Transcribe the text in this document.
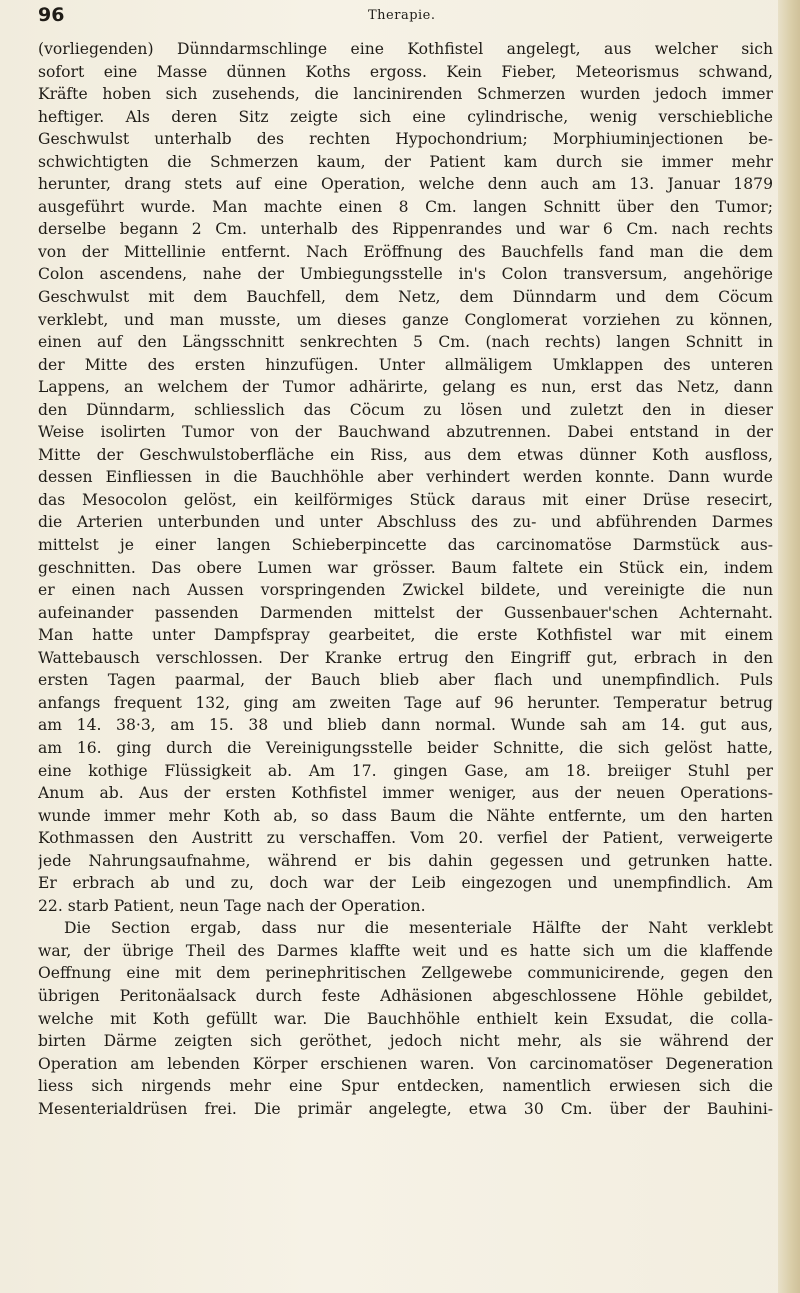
96	Therapie.
(vorliegenden) Dünndarmschlinge eine Kothfistel angelegt, aus welcher sich
sofort eine Masse dünnen Koths ergoss. Kein Fieber, Meteorismus schwand,
Kräfte hoben sich zusehends, die lancinirenden Schmerzen wurden jedoch immer
heftiger. Als deren Sitz zeigte sich eine cylindrische, wenig verschiebliche
Geschwulst unterhalb des rechten Hypochondrium; Morphiuminjectionen be-
schwichtigten die Schmerzen kaum, der Patient kam durch sie immer mehr
herunter, drang stets auf eine Operation, welche denn auch am 13. Januar 1879
ausgeführt wurde. Man machte einen 8 Cm. langen Schnitt über den Tumor;
derselbe begann 2 Cm. unterhalb des Rippenrandes und war 6 Cm. nach rechts
von der Mittellinie entfernt. Nach Eröffnung des Bauchfells fand man die dem
Colon ascendens, nahe der Umbiegungsstelle in's Colon transversum, angehörige
Geschwulst mit dem Bauchfell, dem Netz, dem Dünndarm und dem Cöcum
verklebt, und man musste, um dieses ganze Conglomerat vorziehen zu können,
einen auf den Längsschnitt senkrechten 5 Cm. (nach rechts) langen Schnitt in
der Mitte des ersten hinzufügen. Unter allmäligem Umklappen des unteren
Lappens, an welchem der Tumor adhärirte, gelang es nun, erst das Netz, dann
den Dünndarm, schliesslich das Cöcum zu lösen und zuletzt den in dieser
Weise isolirten Tumor von der Bauchwand abzutrennen. Dabei entstand in der
Mitte der Geschwulstoberfläche ein Riss, aus dem etwas dünner Koth ausfloss,
dessen Einfliessen in die Bauchhöhle aber verhindert werden konnte. Dann wurde
das Mesocolon gelöst, ein keilförmiges Stück daraus mit einer Drüse resecirt,
die Arterien unterbunden und unter Abschluss des zu- und abführenden Darmes
mittelst je einer langen Schieberpincette das carcinomatöse Darmstück aus-
geschnitten. Das obere Lumen war grösser. Baum faltete ein Stück ein, indem
er einen nach Aussen vorspringenden Zwickel bildete, und vereinigte die nun
aufeinander passenden Darmenden mittelst der Gussenbauer'schen Achternaht.
Man hatte unter Dampfspray gearbeitet, die erste Kothfistel war mit einem
Wattebausch verschlossen. Der Kranke ertrug den Eingriff gut, erbrach in den
ersten Tagen paarmal, der Bauch blieb aber flach und unempfindlich. Puls
anfangs frequent 132, ging am zweiten Tage auf 96 herunter. Temperatur betrug
am 14. 38·3, am 15. 38 und blieb dann normal. Wunde sah am 14. gut aus,
am 16. ging durch die Vereinigungsstelle beider Schnitte, die sich gelöst hatte,
eine kothige Flüssigkeit ab. Am 17. gingen Gase, am 18. breiiger Stuhl per
Anum ab. Aus der ersten Kothfistel immer weniger, aus der neuen Operations-
wunde immer mehr Koth ab, so dass Baum die Nähte entfernte, um den harten
Kothmassen den Austritt zu verschaffen. Vom 20. verfiel der Patient, verweigerte
jede Nahrungsaufnahme, während er bis dahin gegessen und getrunken hatte.
Er erbrach ab und zu, doch war der Leib eingezogen und unempfindlich. Am
22. starb Patient, neun Tage nach der Operation.
Die Section ergab, dass nur die mesenteriale Hälfte der Naht verklebt
war, der übrige Theil des Darmes klaffte weit und es hatte sich um die klaffende
Oeffnung eine mit dem perinephritischen Zellgewebe communicirende, gegen den
übrigen Peritonäalsack durch feste Adhäsionen abgeschlossene Höhle gebildet,
welche mit Koth gefüllt war. Die Bauchhöhle enthielt kein Exsudat, die colla-
birten Därme zeigten sich geröthet, jedoch nicht mehr, als sie während der
Operation am lebenden Körper erschienen waren. Von carcinomatöser Degeneration
liess sich nirgends mehr eine Spur entdecken, namentlich erwiesen sich die
Mesenterialdrüsen frei. Die primär angelegte, etwa 30 Cm. über der Bauhini-
